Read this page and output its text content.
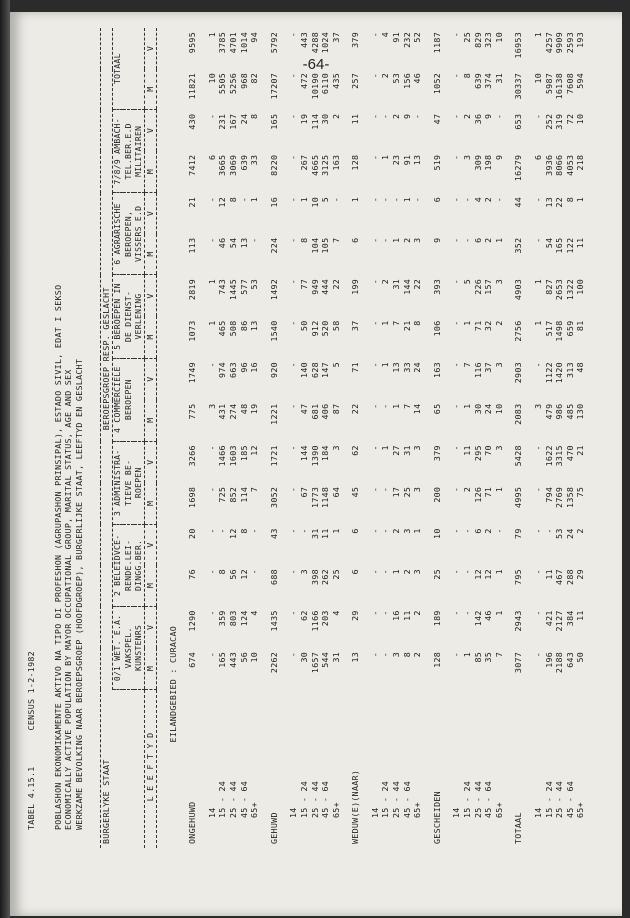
-64-
TABEL 4.15.1CENSUS 1-2-1982 POBLASHON EKONOMIKAMENTE AKTIVO NA TIPO DI PROFESHON (AGRUPASHON PRINSIPAL), ESTADO SIVIL, EDAT I SEKSO ECONOMICALLY ACTIVE POPULATION BY MAYOR OCCUPATIONAL GROUP, MARITAL STATUS, AGE AND SEX WERKZAME BEVOLKING NAAR BEROEPSGROEP (HOOFDGROEP), BURGERLIJKE STAAT, LEEFTYD EN GESLACHT BURGERLYKE STAAT	BEROEPSGROEP RESP. GESLACHT															
	0/1 WET. E.A.		2 BELEIDVCE-		3 ADMINISTRA-		4 COMMERCIELE		5 BEROEPEN IN		6 AGRARISCHE		7/8/9 AMBACH-		TOTAAL	
	VAKSPEL.		RENDE.LEI-		TIEVE BE-		BEROEPEN		DE DIENST-		BEROEPEN,		TEL.BER.E.D			
	KUNSTENRS		DINGG.BER.		ROEPEN				VERLENING		VISSERS E.D		MILITAIREN			
L E E F T Y D	M	V	M	V	M	V	M	V	M	V	M	V	M	V	M	V

EILANDGEBIED : CURACAO																

ONGEHUWD	674	1290	76	20	1698	3266	775	1749	1073	2819	113	21	7412	430	11821	9595

14	-	-	-	-	-	-	3	-	1	1	-	-	6	-	10	1
15 - 24	165	359	8	-	725	1466	431	974	465	743	46	12	3665	231	5505	3785
25 - 44	443	803	56	12	852	1603	274	663	508	1445	54	8	3069	167	5256	4701
45 - 64	56	124	12	8	114	185	48	96	86	577	13	-	639	24	968	1014
65+	10	4	-	-	7	12	19	16	13	53	-	1	33	8	82	94

GEHUWD	2262	1435	688	43	3052	1721	1221	920	1540	1492	224	16	8220	165	17207	5792

14	-	-	-	-	-	-	-	-	-	-	-	-	-	-	-	-
15 - 24	30	62	3	-	67	144	47	140	50	77	8	1	267	19	472	443
25 - 44	1657	1166	398	31	1773	1390	681	628	912	949	104	10	4665	114	10190	4288
45 - 64	544	203	262	11	1148	184	406	147	520	444	105	5	3125	30	6110	1024
65+	31	4	25	1	64	3	87	5	58	22	7	-	163	2	435	37

WEDUW(E)(NAAR)	13	29	6	6	45	62	22	71	37	199	6	1	128	11	257	379

14	-	-	-	-	-	-	-	-	-	-	-	-	-	-	-	-
15 - 24	-	-	-	-	-	1	-	1	1	2	-	-	1	-	2	4
25 - 44	3	16	1	2	17	27	1	13	7	31	1	-	23	2	53	91
45 - 64	8	11	2	3	25	31	7	33	21	144	2	1	91	9	156	232
65+	2	2	3	1	3	3	14	24	8	22	3	-	13	-	46	52

GESCHEIDEN	128	189	25	10	200	379	65	163	106	393	9	6	519	47	1052	1187

14	-	-	-	-	-	-	-	-	-	-	-	-	-	-	-	-
15 - 24	1	-	-	-	2	11	1	7	1	5	-	-	3	2	8	25
25 - 44	85	142	12	6	126	295	30	116	71	226	6	4	309	36	639	829
45 - 64	35	46	12	2	71	70	24	37	32	157	2	2	198	9	374	323
65+	7	1	1	-	1	3	10	3	2	3	1	-	9	-	31	10

TOTAAL	3077	2943	795	79	4995	5428	2083	2903	2756	4903	352	44	16279	653	30337	16953

14	-	-	-	-	-	-	3	-	1	1	-	-	6	-	10	1
15 - 24	196	421	11	-	794	1622	479	1122	517	827	54	13	3936	252	5987	4257
25 - 44	2188	2127	467	53	2769	3315	986	1420	1498	2653	165	22	8066	319	16138	9909
45 - 64	643	384	288	24	1358	470	485	313	659	1322	122	8	4053	72	7608	2593
65+	50	11	29	2	75	21	130	48	81	100	11	1	218	10	594	193
